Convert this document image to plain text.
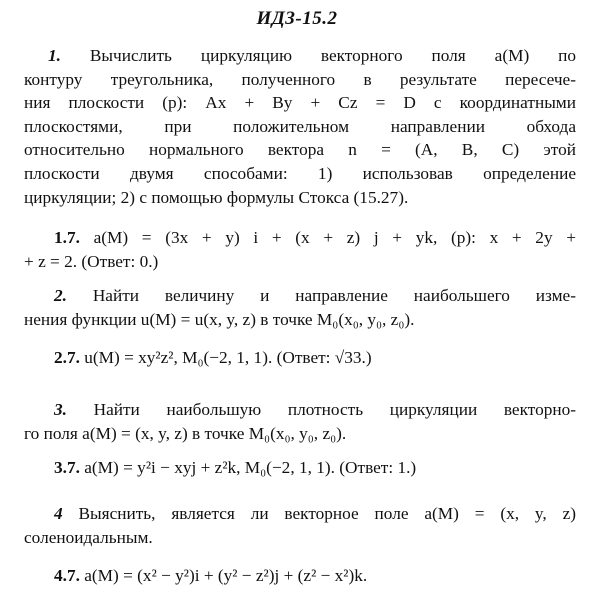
ИДЗ-15.2
1. Вычислить циркуляцию векторного поля a(M) по
контуру треугольника, полученного в результате пересече-
ния плоскости (p): Ax + By + Cz = D с координатными
плоскостями, при положительном направлении обхода
относительно нормального вектора n = (A, B, C) этой
плоскости двумя способами: 1) использовав определение
циркуляции; 2) с помощью формулы Стокса (15.27).
1.7. a(M) = (3x + y) i + (x + z) j + yk, (p): x + 2y +
+ z = 2. (Ответ: 0.)
2. Найти величину и направление наибольшего изме-
нения функции u(M) = u(x, y, z) в точке M₀(x₀, y₀, z₀).
2.7. u(M) = xy²z², M₀(−2, 1, 1). (Ответ: √33.)
3. Найти наибольшую плотность циркуляции векторно-
го поля a(M) = (x, y, z) в точке M₀(x₀, y₀, z₀).
3.7. a(M) = y²i − xyj + z²k, M₀(−2, 1, 1). (Ответ: 1.)
4 Выяснить, является ли векторное поле a(M) = (x, y, z)
соленоидальным.
4.7. a(M) = (x² − y²)i + (y² − z²)j + (z² − x²)k.
